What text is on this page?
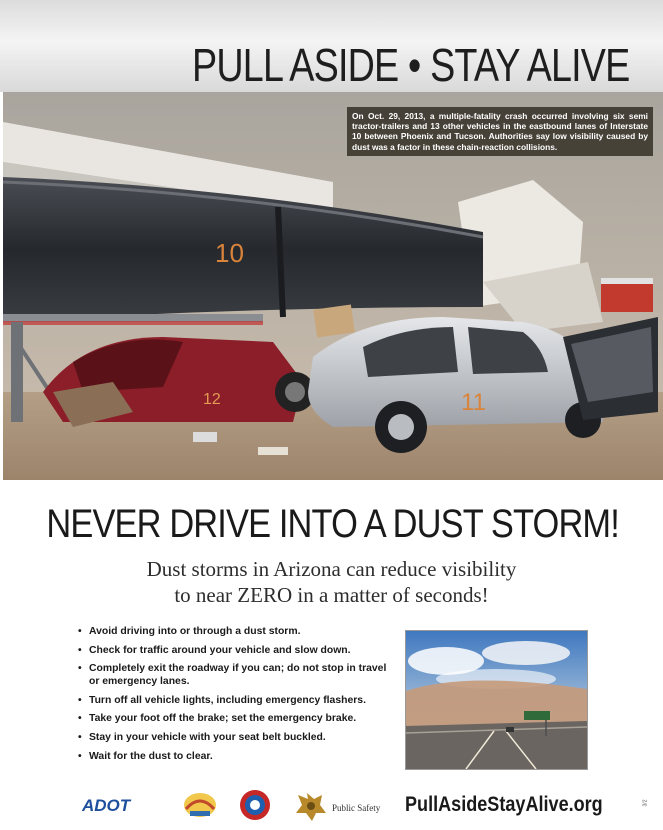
PULL ASIDE • STAY ALIVE
10
12	11
On Oct. 29, 2013, a multiple-fatality crash occurred involving six semi tractor-trailers and 13 other vehicles in the eastbound lanes of Interstate 10 between Phoenix and Tucson. Authorities say low visibility caused by dust was a factor in these chain-reaction collisions.
NEVER DRIVE INTO A DUST STORM!
Dust storms in Arizona can reduce visibility
to near ZERO in a matter of seconds!
• Avoid driving into or through a dust storm.
• Check for traffic around your vehicle and slow down.
• Completely exit the roadway if you can; do not stop in travel or emergency lanes.
• Turn off all vehicle lights, including emergency flashers.
• Take your foot off the brake; set the emergency brake.
• Stay in your vehicle with your seat belt buckled.
• Wait for the dust to clear.
ADOT	Public Safety PullAsideStayAlive.org	3/2
